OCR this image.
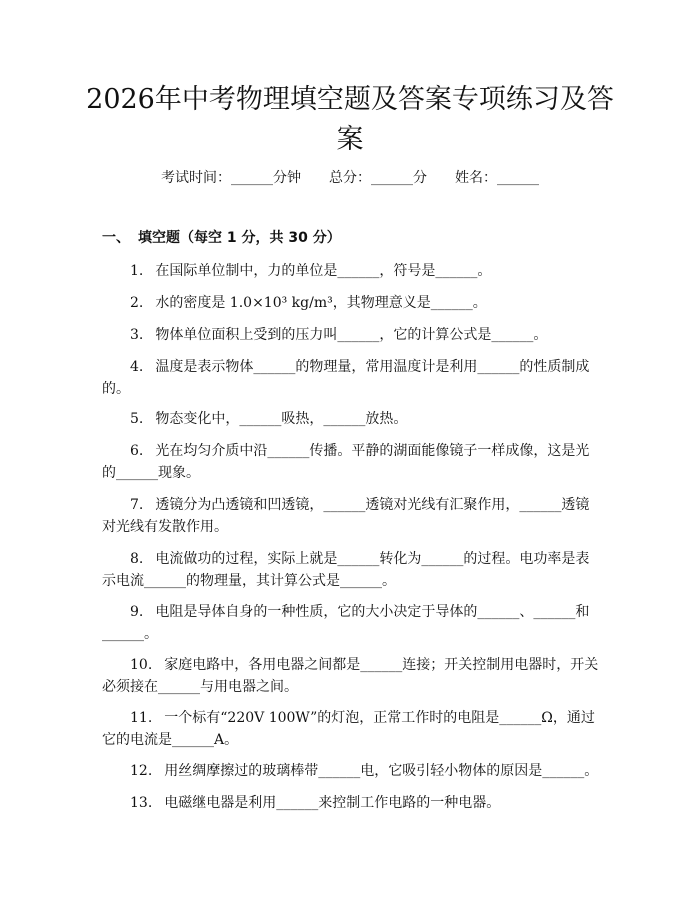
2026年中考物理填空题及答案专项练习及答案
考试时间：______分钟 总分：______分 姓名：______
一、 填空题（每空 1 分，共 30 分）
1. 在国际单位制中，力的单位是______，符号是______。
2. 水的密度是 1.0×10³ kg/m³，其物理意义是______。
3. 物体单位面积上受到的压力叫______，它的计算公式是______。
4. 温度是表示物体______的物理量，常用温度计是利用______的性质制成的。
5. 物态变化中，______吸热，______放热。
6. 光在均匀介质中沿______传播。平静的湖面能像镜子一样成像，这是光的______现象。
7. 透镜分为凸透镜和凹透镜，______透镜对光线有汇聚作用，______透镜对光线有发散作用。
8. 电流做功的过程，实际上就是______转化为______的过程。电功率是表示电流______的物理量，其计算公式是______。
9. 电阻是导体自身的一种性质，它的大小决定于导体的______、______和______。
10. 家庭电路中，各用电器之间都是______连接；开关控制用电器时，开关必须接在______与用电器之间。
11. 一个标有“220V 100W”的灯泡，正常工作时的电阻是______Ω，通过它的电流是______A。
12. 用丝绸摩擦过的玻璃棒带______电，它吸引轻小物体的原因是______。
13. 电磁继电器是利用______来控制工作电路的一种电器。
